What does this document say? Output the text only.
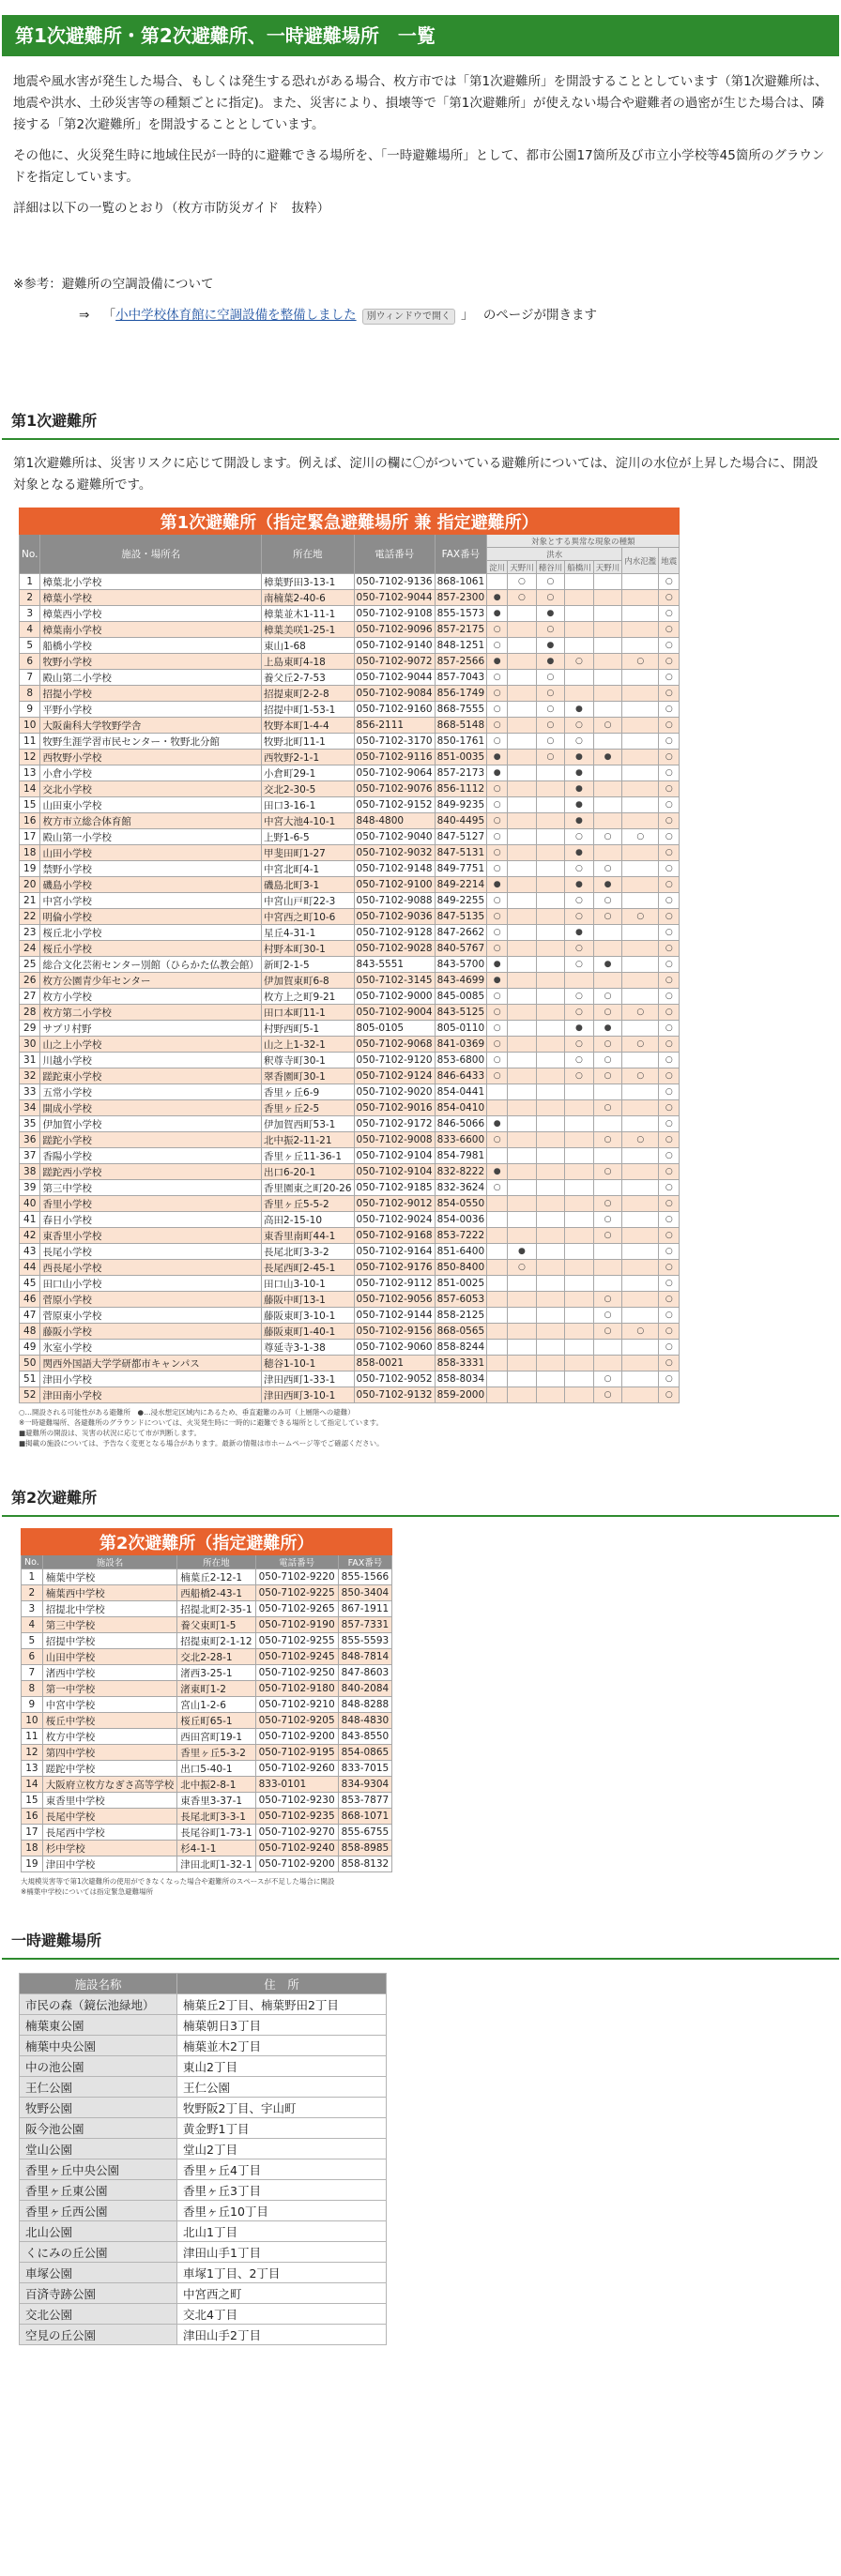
第1次避難所・第2次避難所、一時避難場所　一覧

地震や風水害が発生した場合、もしくは発生する恐れがある場合、枚方市では「第1次避難所」を開設することとしています（第1次避難所は、地震や洪水、土砂災害等の種類ごとに指定)。また、災害により、損壊等で「第1次避難所」が使えない場合や避難者の過密が生じた場合は、隣接する「第2次避難所」を開設することとしています。

その他に、火災発生時に地域住民が一時的に避難できる場所を、「一時避難場所」として、都市公園17箇所及び市立小学校等45箇所のグラウンドを指定しています。

詳細は以下の一覧のとおり（枚方市防災ガイド　抜粋）

※参考：避難所の空調設備について

⇒ 「小中学校体育館に空調設備を整備しました 別ウィンドウで開く 」 のページが開きます

第1次避難所
第1次避難所は、災害リスクに応じて開設します。例えば、淀川の欄に〇がついている避難所については、淀川の水位が上昇した場合に、開設対象となる避難所です。
第1次避難所（指定緊急避難場所 兼 指定避難所）											
No.	施設・場所名	所在地	電話番号	FAX番号	対象とする異常な現象の種類						
					洪水					内水氾濫	地震
					淀川	天野川	穂谷川	船橋川	天野川		
1	樟葉北小学校	樟葉野田3-13-1	050-7102-9136	868-1061		○	○				○
2	樟葉小学校	南楠葉2-40-6	050-7102-9044	857-2300	●	○	○				○
3	樟葉西小学校	樟葉並木1-11-1	050-7102-9108	855-1573	●		●				○
4	樟葉南小学校	樟葉美咲1-25-1	050-7102-9096	857-2175	○		○				○
5	船橋小学校	東山1-68	050-7102-9140	848-1251	○		●				○
6	牧野小学校	上島東町4-18	050-7102-9072	857-2566	●		●	○		○	○
7	殿山第二小学校	養父丘2-7-53	050-7102-9044	857-7043	○		○				○
8	招提小学校	招提東町2-2-8	050-7102-9084	856-1749	○		○				○
9	平野小学校	招提中町1-53-1	050-7102-9160	868-7555	○		○	●			○
10	大阪歯科大学牧野学舎	牧野本町1-4-4	856-2111	868-5148	○		○	○	○		○
11	牧野生涯学習市民センター・牧野北分館	牧野北町11-1	050-7102-3170	850-1761	○		○	○			○
12	西牧野小学校	西牧野2-1-1	050-7102-9116	851-0035	●		○	●	●		○
13	小倉小学校	小倉町29-1	050-7102-9064	857-2173	●			●			○
14	交北小学校	交北2-30-5	050-7102-9076	856-1112	○			●			○
15	山田東小学校	田口3-16-1	050-7102-9152	849-9235	○			●			○
16	枚方市立総合体育館	中宮大池4-10-1	848-4800	840-4495	○			●			○
17	殿山第一小学校	上野1-6-5	050-7102-9040	847-5127	○			○	○	○	○
18	山田小学校	甲斐田町1-27	050-7102-9032	847-5131	○			●			○
19	禁野小学校	中宮北町4-1	050-7102-9148	849-7751	○			○	○		○
20	磯島小学校	磯島北町3-1	050-7102-9100	849-2214	●			●	●		○
21	中宮小学校	中宮山戸町22-3	050-7102-9088	849-2255	○			○	○		○
22	明倫小学校	中宮西之町10-6	050-7102-9036	847-5135	○			○	○	○	○
23	桜丘北小学校	星丘4-31-1	050-7102-9128	847-2662	○			●			○
24	桜丘小学校	村野本町30-1	050-7102-9028	840-5767	○			○			○
25	総合文化芸術センター別館（ひらかた仏教会館）	新町2-1-5	843-5551	843-5700	●			○	●		○
26	枚方公園青少年センター	伊加賀東町6-8	050-7102-3145	843-4699	●						○
27	枚方小学校	枚方上之町9-21	050-7102-9000	845-0085	○			○	○		○
28	枚方第二小学校	田口本町11-1	050-7102-9004	843-5125	○			○	○	○	○
29	サプリ村野	村野西町5-1	805-0105	805-0110	○			●	●		○
30	山之上小学校	山之上1-32-1	050-7102-9068	841-0369	○			○	○	○	○
31	川越小学校	釈尊寺町30-1	050-7102-9120	853-6800	○			○	○		○
32	蹉跎東小学校	翠香園町30-1	050-7102-9124	846-6433	○			○	○	○	○
33	五常小学校	香里ヶ丘6-9	050-7102-9020	854-0441							○
34	開成小学校	香里ヶ丘2-5	050-7102-9016	854-0410					○		○
35	伊加賀小学校	伊加賀西町53-1	050-7102-9172	846-5066	●						○
36	蹉跎小学校	北中振2-11-21	050-7102-9008	833-6600	○				○	○	○
37	香陽小学校	香里ヶ丘11-36-1	050-7102-9104	854-7981							○
38	蹉跎西小学校	出口6-20-1	050-7102-9104	832-8222	●				○		○
39	第三中学校	香里園東之町20-26	050-7102-9185	832-3624	○						○
40	香里小学校	香里ヶ丘5-5-2	050-7102-9012	854-0550					○		○
41	春日小学校	高田2-15-10	050-7102-9024	854-0036					○		○
42	東香里小学校	東香里南町44-1	050-7102-9168	853-7222					○		○
43	長尾小学校	長尾北町3-3-2	050-7102-9164	851-6400		●					○
44	西長尾小学校	長尾西町2-45-1	050-7102-9176	850-8400		○					○
45	田口山小学校	田口山3-10-1	050-7102-9112	851-0025							○
46	菅原小学校	藤阪中町13-1	050-7102-9056	857-6053					○		○
47	菅原東小学校	藤阪東町3-10-1	050-7102-9144	858-2125					○		○
48	藤阪小学校	藤阪東町1-40-1	050-7102-9156	868-0565					○	○	○
49	氷室小学校	尊延寺3-1-38	050-7102-9060	858-8244							○
50	関西外国語大学学研都市キャンパス	穂谷1-10-1	858-0021	858-3331							○
51	津田小学校	津田西町1-33-1	050-7102-9052	858-8034					○		○
52	津田南小学校	津田西町3-10-1	050-7102-9132	859-2000					○		○
○…開設される可能性がある避難所　●…浸水想定区域内にあるため、垂直避難のみ可（上層階への避難）
※一時避難場所、各避難所のグラウンドについては、火災発生時に一時的に避難できる場所として指定しています。
■避難所の開設は、災害の状況に応じて市が判断します。
■掲載の施設については、予告なく変更となる場合があります。最新の情報は市ホームページ等でご確認ください。
第2次避難所
第2次避難所（指定避難所）				
No.	施設名	所在地	電話番号	FAX番号
1	楠葉中学校	楠葉丘2-12-1	050-7102-9220	855-1566
2	楠葉西中学校	西船橋2-43-1	050-7102-9225	850-3404
3	招提北中学校	招提北町2-35-1	050-7102-9265	867-1911
4	第三中学校	養父東町1-5	050-7102-9190	857-7331
5	招提中学校	招提東町2-1-12	050-7102-9255	855-5593
6	山田中学校	交北2-28-1	050-7102-9245	848-7814
7	渚西中学校	渚西3-25-1	050-7102-9250	847-8603
8	第一中学校	渚東町1-2	050-7102-9180	840-2084
9	中宮中学校	宮山1-2-6	050-7102-9210	848-8288
10	桜丘中学校	桜丘町65-1	050-7102-9205	848-4830
11	枚方中学校	西田宮町19-1	050-7102-9200	843-8550
12	第四中学校	香里ヶ丘5-3-2	050-7102-9195	854-0865
13	蹉跎中学校	出口5-40-1	050-7102-9260	833-7015
14	大阪府立枚方なぎさ高等学校	北中振2-8-1	833-0101	834-9304
15	東香里中学校	東香里3-37-1	050-7102-9230	853-7877
16	長尾中学校	長尾北町3-3-1	050-7102-9235	868-1071
17	長尾西中学校	長尾谷町1-73-1	050-7102-9270	855-6755
18	杉中学校	杉4-1-1	050-7102-9240	858-8985
19	津田中学校	津田北町1-32-1	050-7102-9200	858-8132
大規模災害等で第1次避難所の使用ができなくなった場合や避難所のスペースが不足した場合に開設
※楠葉中学校については指定緊急避難場所
一時避難場所
施設名称	住　所
市民の森（鏡伝池緑地）	楠葉丘2丁目、楠葉野田2丁目
楠葉東公園	楠葉朝日3丁目
楠葉中央公園	楠葉並木2丁目
中の池公園	東山2丁目
王仁公園	王仁公園
牧野公園	牧野阪2丁目、宇山町
阪今池公園	黄金野1丁目
堂山公園	堂山2丁目
香里ヶ丘中央公園	香里ヶ丘4丁目
香里ヶ丘東公園	香里ヶ丘3丁目
香里ヶ丘西公園	香里ヶ丘10丁目
北山公園	北山1丁目
くにみの丘公園	津田山手1丁目
車塚公園	車塚1丁目、2丁目
百済寺跡公園	中宮西之町
交北公園	交北4丁目
空見の丘公園	津田山手2丁目
